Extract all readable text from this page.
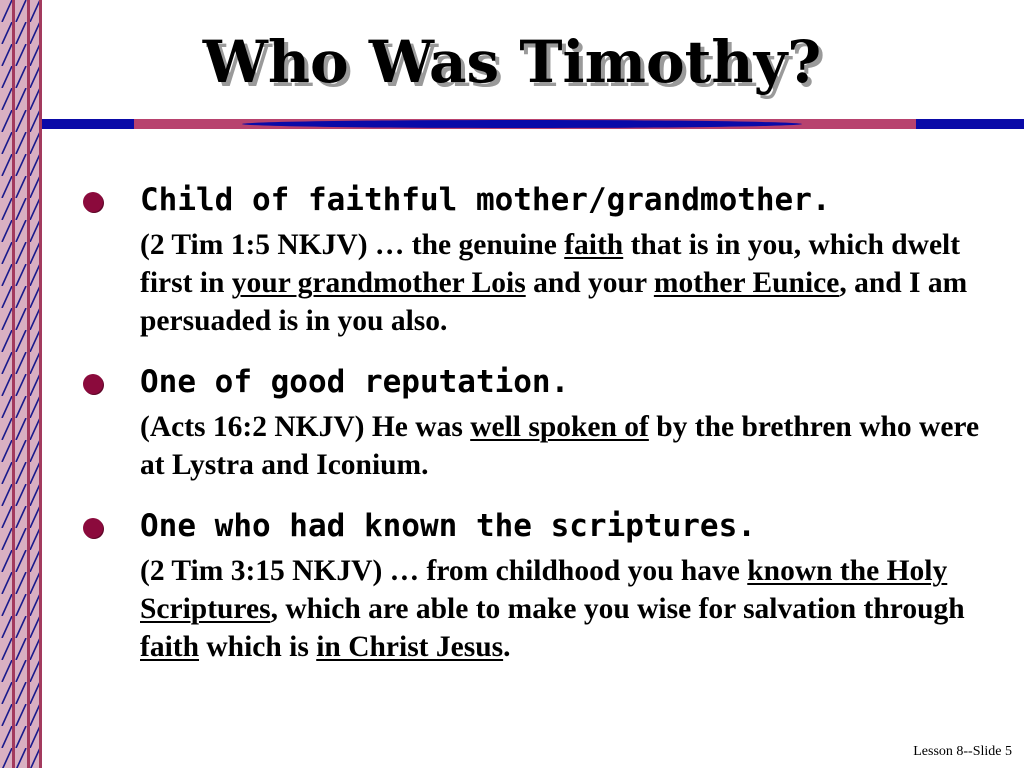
Who Was Timothy?
Child of faithful mother/grandmother.
(2 Tim 1:5 NKJV) … the genuine faith that is in you, which dwelt first in your grandmother Lois and your mother Eunice, and I am persuaded is in you also.
One of good reputation.
(Acts 16:2 NKJV) He was well spoken of by the brethren who were at Lystra and Iconium.
One who had known the scriptures.
(2 Tim 3:15 NKJV) … from childhood you have known the Holy Scriptures, which are able to make you wise for salvation through faith which is in Christ Jesus.
Lesson 8--Slide 5
